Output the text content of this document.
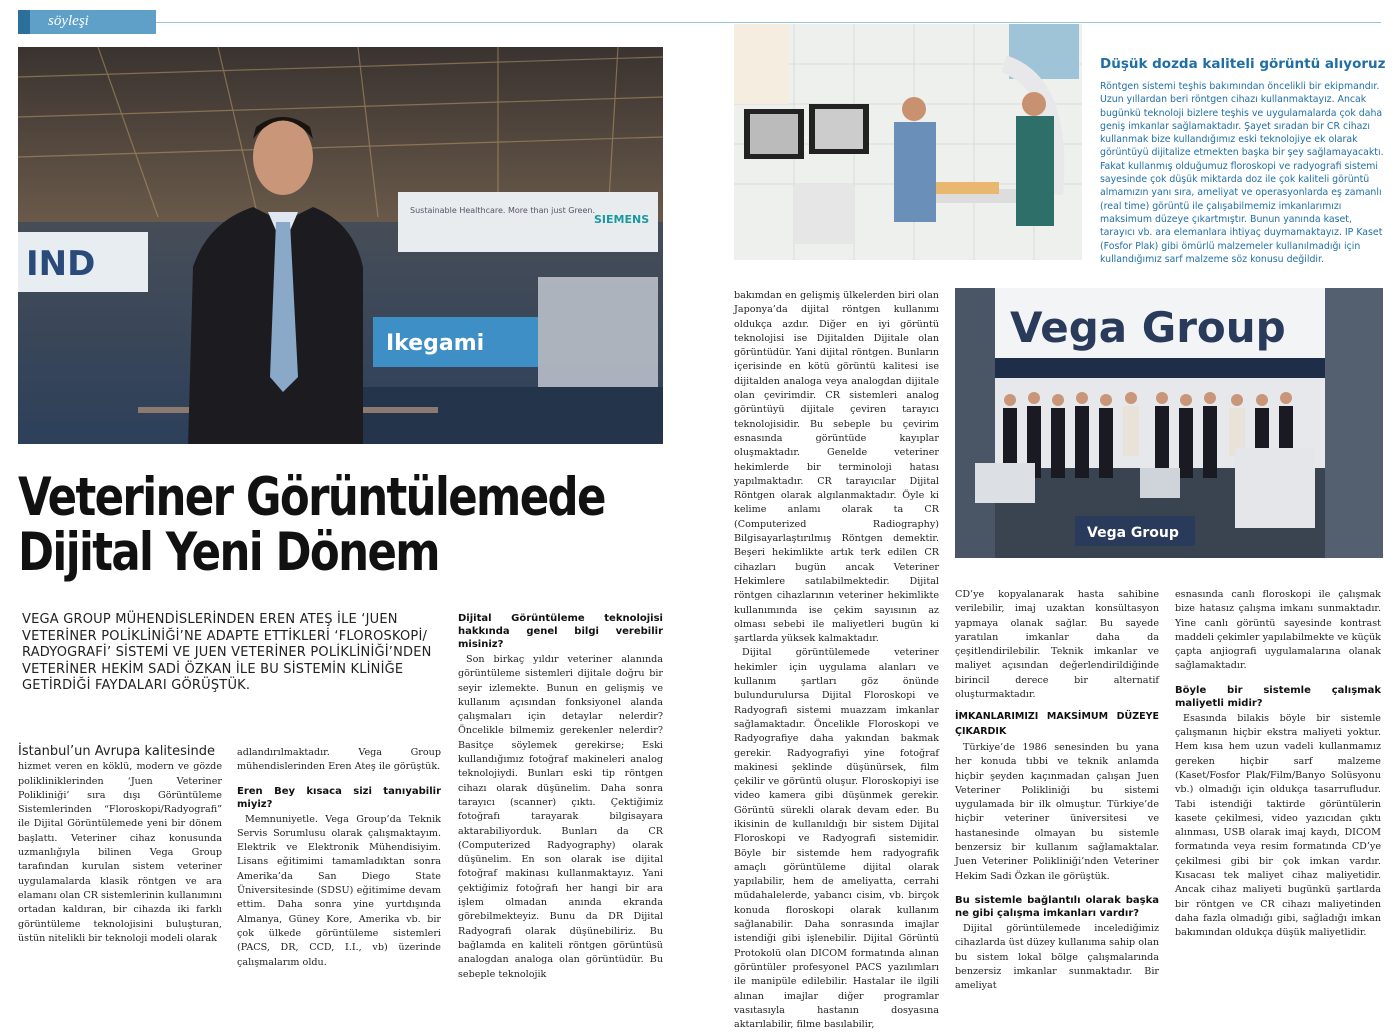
söyleşi
IND
Sustainable Healthcare. More than just Green.
SIEMENS
Ikegami
Veteriner Görüntülemede
Dijital Yeni Dönem
VEGA GROUP MÜHENDİSLERİNDEN EREN ATEŞ İLE ‘JUEN VETERİNER POLİKLİNİĞİ’NE ADAPTE ETTİKLERİ ‘FLOROSKOPİ/ RADYOGRAFİ’ SİSTEMİ VE JUEN VETERİNER POLİKLİNİĞİ’NDEN VETERİNER HEKİM SADİ ÖZKAN İLE BU SİSTEMİN KLİNİĞE GETİRDİĞİ FAYDALARI GÖRÜŞTÜK.

İstanbul’un Avrupa kalitesinde

hizmet veren en köklü, modern ve gözde polikliniklerinden ‘Juen Veteriner Polikliniği’ sıra dışı Görüntüleme Sistemlerinden “Floroskopi/Radyografi” ile Dijital Görüntülemede yeni bir dönem başlattı. Veteriner cihaz konusunda uzmanlığıyla bilinen Vega Group tarafından kurulan sistem veteriner uygulamalarda klasik röntgen ve ara elamanı olan CR sistemlerinin kullanımını ortadan kaldıran, bir cihazda iki farklı görüntüleme teknolojisini buluşturan, üstün nitelikli bir teknoloji modeli olarak

adlandırılmaktadır. Vega Group mühendislerinden Eren Ateş ile görüştük.

Eren Bey kısaca sizi tanıyabilir miyiz?

Memnuniyetle. Vega Group’da Teknik Servis Sorumlusu olarak çalışmaktayım. Elektrik ve Elektronik Mühendisiyim. Lisans eğitimimi tamamladıktan sonra Amerika’da San Diego State Üniversitesinde (SDSU) eğitimime devam ettim. Daha sonra yine yurtdışında Almanya, Güney Kore, Amerika vb. bir çok ülkede görüntüleme sistemleri (PACS, DR, CCD, I.I., vb) üzerinde çalışmalarım oldu.

Dijital Görüntüleme teknolojisi hakkında genel bilgi verebilir misiniz?

Son birkaç yıldır veteriner alanında görüntüleme sistemleri dijitale doğru bir seyir izlemekte. Bunun en gelişmiş ve kullanım açısından fonksiyonel alanda çalışmaları için detaylar nelerdir? Öncelikle bilmemiz gerekenler nelerdir? Basitçe söylemek gerekirse; Eski kullandığımız fotoğraf makineleri analog teknolojiydi. Bunları eski tip röntgen cihazı olarak düşünelim. Daha sonra tarayıcı (scanner) çıktı. Çektiğimiz fotoğrafı tarayarak bilgisayara aktarabiliyorduk. Bunları da CR (Computerized Radyography) olarak düşünelim. En son olarak ise dijital fotoğraf makinası kullanmaktayız. Yani çektiğimiz fotoğrafı her hangi bir ara işlem olmadan anında ekranda görebilmekteyiz. Bunu da DR Dijital Radyografi olarak düşünebiliriz. Bu bağlamda en kaliteli röntgen görüntüsü analogdan analoga olan görüntüdür. Bu sebeple teknolojik

Düşük dozda kaliteli görüntü alıyoruz
Röntgen sistemi teşhis bakımından öncelikli bir ekipmandır. Uzun yıllardan beri röntgen cihazı kullanmaktayız. Ancak bugünkü teknoloji bizlere teşhis ve uygulamalarda çok daha geniş imkanlar sağlamaktadır. Şayet sıradan bir CR cihazı kullanmak bize kullandığımız eski teknolojiye ek olarak görüntüyü dijitalize etmekten başka bir şey sağlamayacaktı. Fakat kullanmış olduğumuz floroskopi ve radyografi sistemi sayesinde çok düşük miktarda doz ile çok kaliteli görüntü almamızın yanı sıra, ameliyat ve operasyonlarda eş zamanlı (real time) görüntü ile çalışabilmemiz imkanlarımızı maksimum düzeye çıkartmıştır. Bunun yanında kaset, tarayıcı vb. ara elemanlara ihtiyaç duymamaktayız. IP Kaset (Fosfor Plak) gibi ömürlü malzemeler kullanılmadığı için kullandığımız sarf malzeme söz konusu değildir.
Vega Group
Vega Group

bakımdan en gelişmiş ülkelerden biri olan Japonya’da dijital röntgen kullanımı oldukça azdır. Diğer en iyi görüntü teknolojisi ise Dijitalden Dijitale olan görüntüdür. Yani dijital röntgen. Bunların içerisinde en kötü görüntü kalitesi ise dijitalden analoga veya analogdan dijitale olan çevirimdir. CR sistemleri analog görüntüyü dijitale çeviren tarayıcı teknolojisidir. Bu sebeple bu çevirim esnasında görüntüde kayıplar oluşmaktadır. Genelde veteriner hekimlerde bir terminoloji hatası yapılmaktadır. CR tarayıcılar Dijital Röntgen olarak algılanmaktadır. Öyle ki kelime anlamı olarak ta CR (Computerized Radiography) Bilgisayarlaştırılmış Röntgen demektir. Beşeri hekimlikte artık terk edilen CR cihazları bugün ancak Veteriner Hekimlere satılabilmektedir. Dijital röntgen cihazlarının veteriner hekimlikte kullanımında ise çekim sayısının az olması sebebi ile maliyetleri bugün ki şartlarda yüksek kalmaktadır.

Dijital görüntülemede veteriner hekimler için uygulama alanları ve kullanım şartları göz önünde bulundurulursa Dijital Floroskopi ve Radyografi sistemi muazzam imkanlar sağlamaktadır. Öncelikle Floroskopi ve Radyografiye daha yakından bakmak gerekir. Radyografiyi yine fotoğraf makinesi şeklinde düşünürsek, film çekilir ve görüntü oluşur. Floroskopiyi ise video kamera gibi düşünmek gerekir. Görüntü sürekli olarak devam eder. Bu ikisinin de kullanıldığı bir sistem Dijital Floroskopi ve Radyografi sistemidir. Böyle bir sistemde hem radyografik amaçlı görüntüleme dijital olarak yapılabilir, hem de ameliyatta, cerrahi müdahalelerde, yabancı cisim, vb. birçok konuda floroskopi olarak kullanım sağlanabilir. Daha sonrasında imajlar istendiği gibi işlenebilir. Dijital Görüntü Protokolü olan DICOM formatında alınan görüntüler profesyonel PACS yazılımları ile manipüle edilebilir. Hastalar ile ilgili alınan imajlar diğer programlar vasıtasıyla hastanın dosyasına aktarılabilir, filme basılabilir,

CD’ye kopyalanarak hasta sahibine verilebilir, imaj uzaktan konsültasyon yapmaya olanak sağlar. Bu sayede yaratılan imkanlar daha da çeşitlendirilebilir. Teknik imkanlar ve maliyet açısından değerlendirildiğinde birincil derece bir alternatif oluşturmaktadır.

İMKANLARIMIZI MAKSİMUM DÜZEYE ÇIKARDIK

Türkiye’de 1986 senesinden bu yana her konuda tıbbi ve teknik anlamda hiçbir şeyden kaçınmadan çalışan Juen Veteriner Polikliniği bu sistemi uygulamada bir ilk olmuştur. Türkiye’de hiçbir veteriner üniversitesi ve hastanesinde olmayan bu sistemle benzersiz bir kullanım sağlamaktalar. Juen Veteriner Polikliniği’nden Veteriner Hekim Sadi Özkan ile görüştük.

Bu sistemle bağlantılı olarak başka ne gibi çalışma imkanları vardır?

Dijital görüntülemede incelediğimiz cihazlarda üst düzey kullanıma sahip olan bu sistem lokal bölge çalışmalarında benzersiz imkanlar sunmaktadır. Bir ameliyat

esnasında canlı floroskopi ile çalışmak bize hatasız çalışma imkanı sunmaktadır. Yine canlı görüntü sayesinde kontrast maddeli çekimler yapılabilmekte ve küçük çapta anjiografi uygulamalarına olanak sağlamaktadır.

Böyle bir sistemle çalışmak maliyetli midir?

Esasında bilakis böyle bir sistemle çalışmanın hiçbir ekstra maliyeti yoktur. Hem kısa hem uzun vadeli kullanmamız gereken hiçbir sarf malzeme (Kaset/Fosfor Plak/Film/Banyo Solüsyonu vb.) olmadığı için oldukça tasarrufludur. Tabi istendiği taktirde görüntülerin kasete çekilmesi, video yazıcıdan çıktı alınması, USB olarak imaj kaydı, DICOM formatında veya resim formatında CD’ye çekilmesi gibi bir çok imkan vardır. Kısacası tek maliyet cihaz maliyetidir. Ancak cihaz maliyeti bugünkü şartlarda bir röntgen ve CR cihazı maliyetinden daha fazla olmadığı gibi, sağladığı imkan bakımından oldukça düşük maliyetlidir.
